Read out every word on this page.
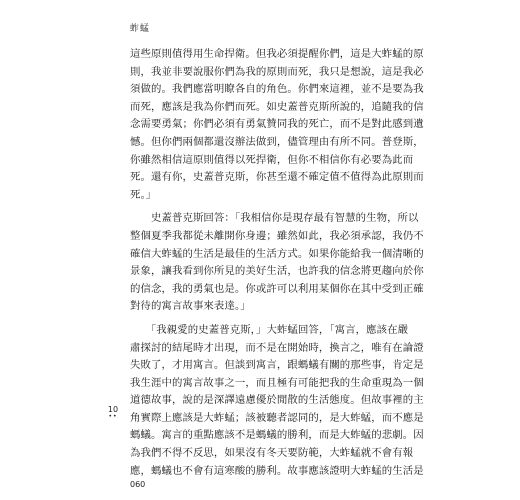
蚱蜢
這些原則值得用生命捍衛。但我必須提醒你們，這是大蚱蜢的原
則，我並非要說服你們為我的原則而死，我只是想說，這是我必
須做的。我們應當明瞭各自的角色。你們來這裡，並不是要為我
而死，應該是我為你們而死。如史蓋普克斯所說的，追隨我的信
念需要勇氣；你們必須有勇氣贊同我的死亡，而不是對此感到遺
憾。但你們兩個都還沒辦法做到，儘管理由有所不同。普登斯，
你雖然相信這原則值得以死捍衛，但你不相信你有必要為此而
死。還有你，史蓋普克斯，你甚至還不確定值不值得為此原則而
死。」
　　史蓋普克斯回答：「我相信你是現存最有智慧的生物，所以
整個夏季我都從未離開你身邊；雖然如此，我必須承認，我仍不
確信大蚱蜢的生活是最佳的生活方式。如果你能給我一個清晰的
景象，讓我看到你所見的美好生活，也許我的信念將更趨向於你
的信念，我的勇氣也是。你或許可以利用某個你在其中受到正確
對待的寓言故事來表達。」
　　「我親愛的史蓋普克斯，」大蚱蜢回答，「寓言，應該在嚴
肅探討的結尾時才出現，而不是在開始時，換言之，唯有在論證
失敗了，才用寓言。但談到寓言，跟螞蟻有關的那些事，肯定是
我生涯中的寓言故事之一，而且極有可能把我的生命重現為一個
道德故事，說的是深譯遠慮優於閒散的生活態度。但故事裡的主
角實際上應該是大蚱蜢；該被聽者認同的，是大蚱蜢，而不應是
螞蟻。寓言的重點應該不是螞蟻的勝利，而是大蚱蜢的悲劇。因
為我們不得不反思，如果沒有冬天要防範，大蚱蜢就不會有報
應，螞蟻也不會有這寒酸的勝利。故事應該證明大蚱蜢的生活是
10
••
060
